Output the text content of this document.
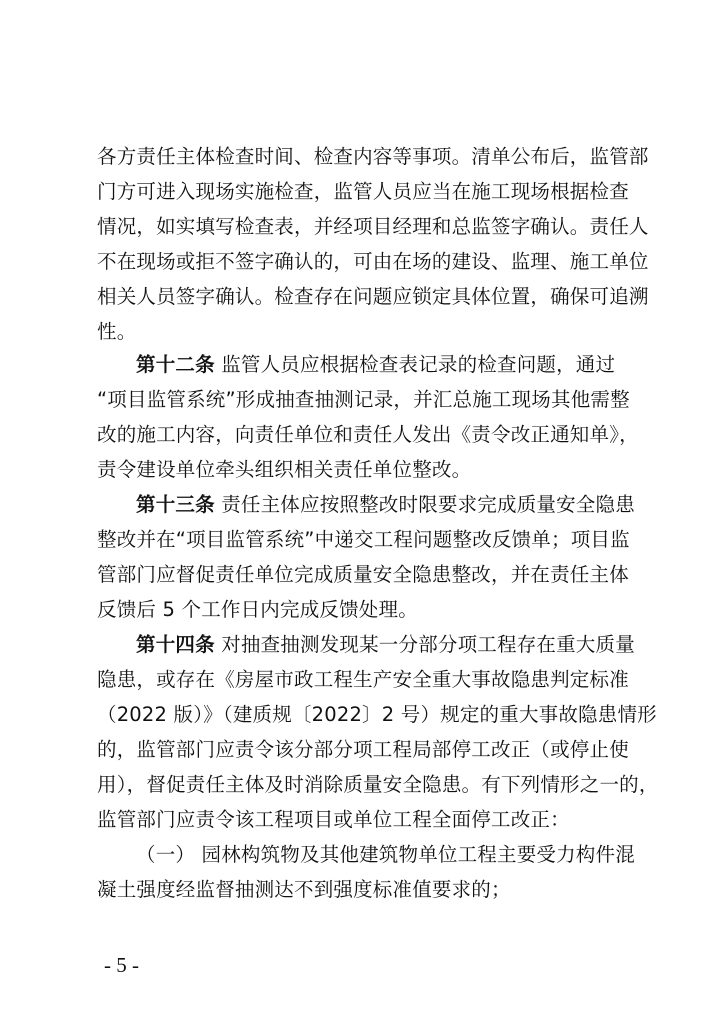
各方责任主体检查时间、检查内容等事项。清单公布后，监管部
门方可进入现场实施检查，监管人员应当在施工现场根据检查
情况，如实填写检查表，并经项目经理和总监签字确认。责任人
不在现场或拒不签字确认的，可由在场的建设、监理、施工单位
相关人员签字确认。检查存在问题应锁定具体位置，确保可追溯
性。
第十二条 监管人员应根据检查表记录的检查问题，通过
“项目监管系统”形成抽查抽测记录，并汇总施工现场其他需整
改的施工内容，向责任单位和责任人发出《责令改正通知单》，
责令建设单位牵头组织相关责任单位整改。
第十三条 责任主体应按照整改时限要求完成质量安全隐患
整改并在“项目监管系统”中递交工程问题整改反馈单；项目监
管部门应督促责任单位完成质量安全隐患整改，并在责任主体
反馈后 5 个工作日内完成反馈处理。
第十四条 对抽查抽测发现某一分部分项工程存在重大质量
隐患，或存在《房屋市政工程生产安全重大事故隐患判定标准
（2022 版）》（建质规〔2022〕2 号）规定的重大事故隐患情形
的，监管部门应责令该分部分项工程局部停工改正（或停止使
用），督促责任主体及时消除质量安全隐患。有下列情形之一的，
监管部门应责令该工程项目或单位工程全面停工改正：
（一） 园林构筑物及其他建筑物单位工程主要受力构件混
凝土强度经监督抽测达不到强度标准值要求的；
- 5 -
